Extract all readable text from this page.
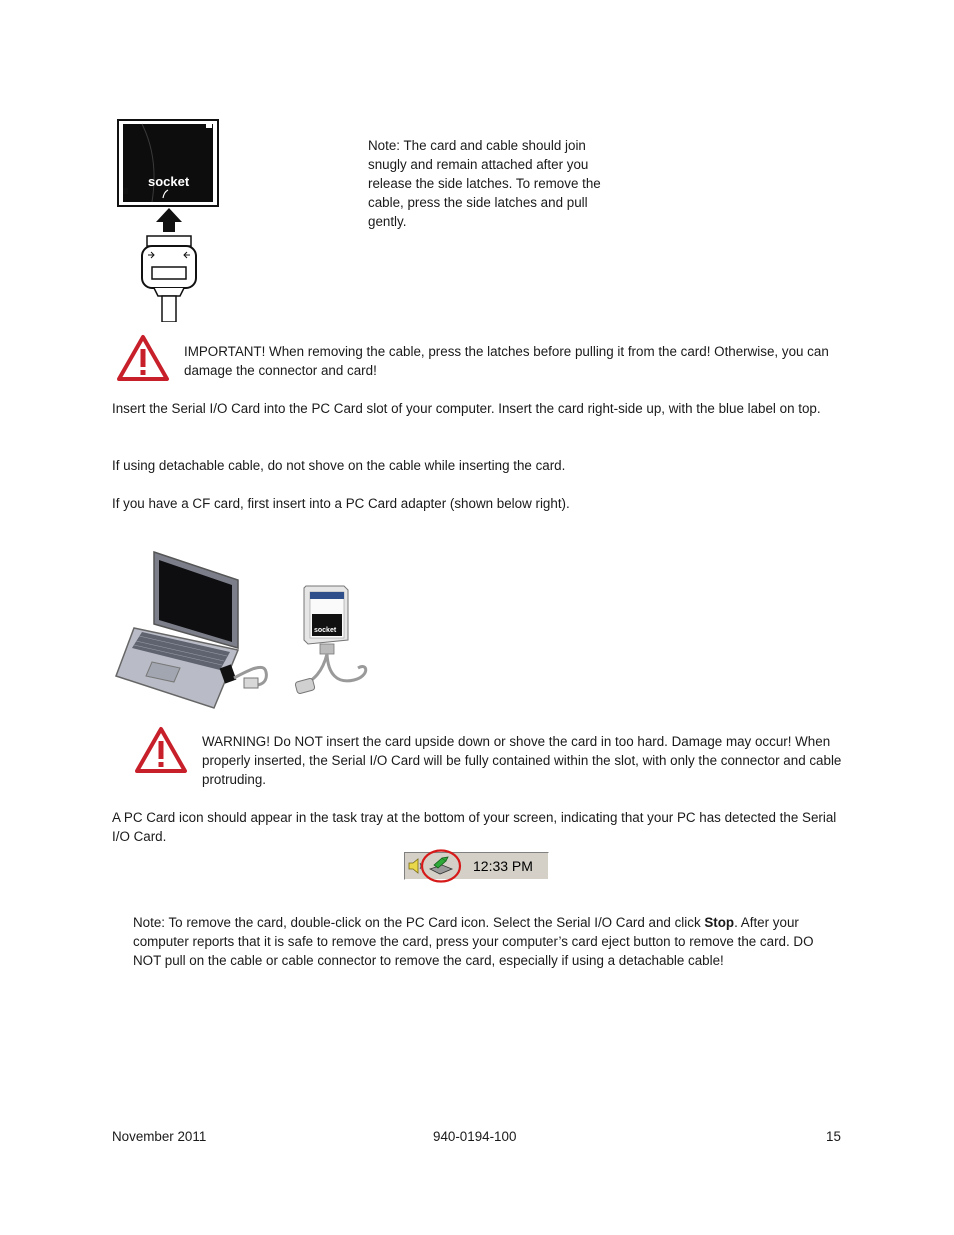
socket
Note: The card and cable should join snugly and remain attached after you release the side latches. To remove the cable, press the side latches and pull gently.
IMPORTANT! When removing the cable, press the latches before pulling it from the card! Otherwise, you can damage the connector and card!
Insert the Serial I/O Card into the PC Card slot of your computer. Insert the card right-side up, with the blue label on top.
If using detachable cable, do not shove on the cable while inserting the card.
If you have a CF card, first insert into a PC Card adapter (shown below right).
socket
WARNING! Do NOT insert the card upside down or shove the card in too hard. Damage may occur! When properly inserted, the Serial I/O Card will be fully contained within the slot, with only the connector and cable protruding.
A PC Card icon should appear in the task tray at the bottom of your screen, indicating that your PC has detected the Serial I/O Card.
12:33 PM
Note: To remove the card, double-click on the PC Card icon. Select the Serial I/O Card and click Stop. After your computer reports that it is safe to remove the card, press your computer’s card eject button to remove the card. DO NOT pull on the cable or cable connector to remove the card, especially if using a detachable cable!
November 2011	940-0194-100	15
